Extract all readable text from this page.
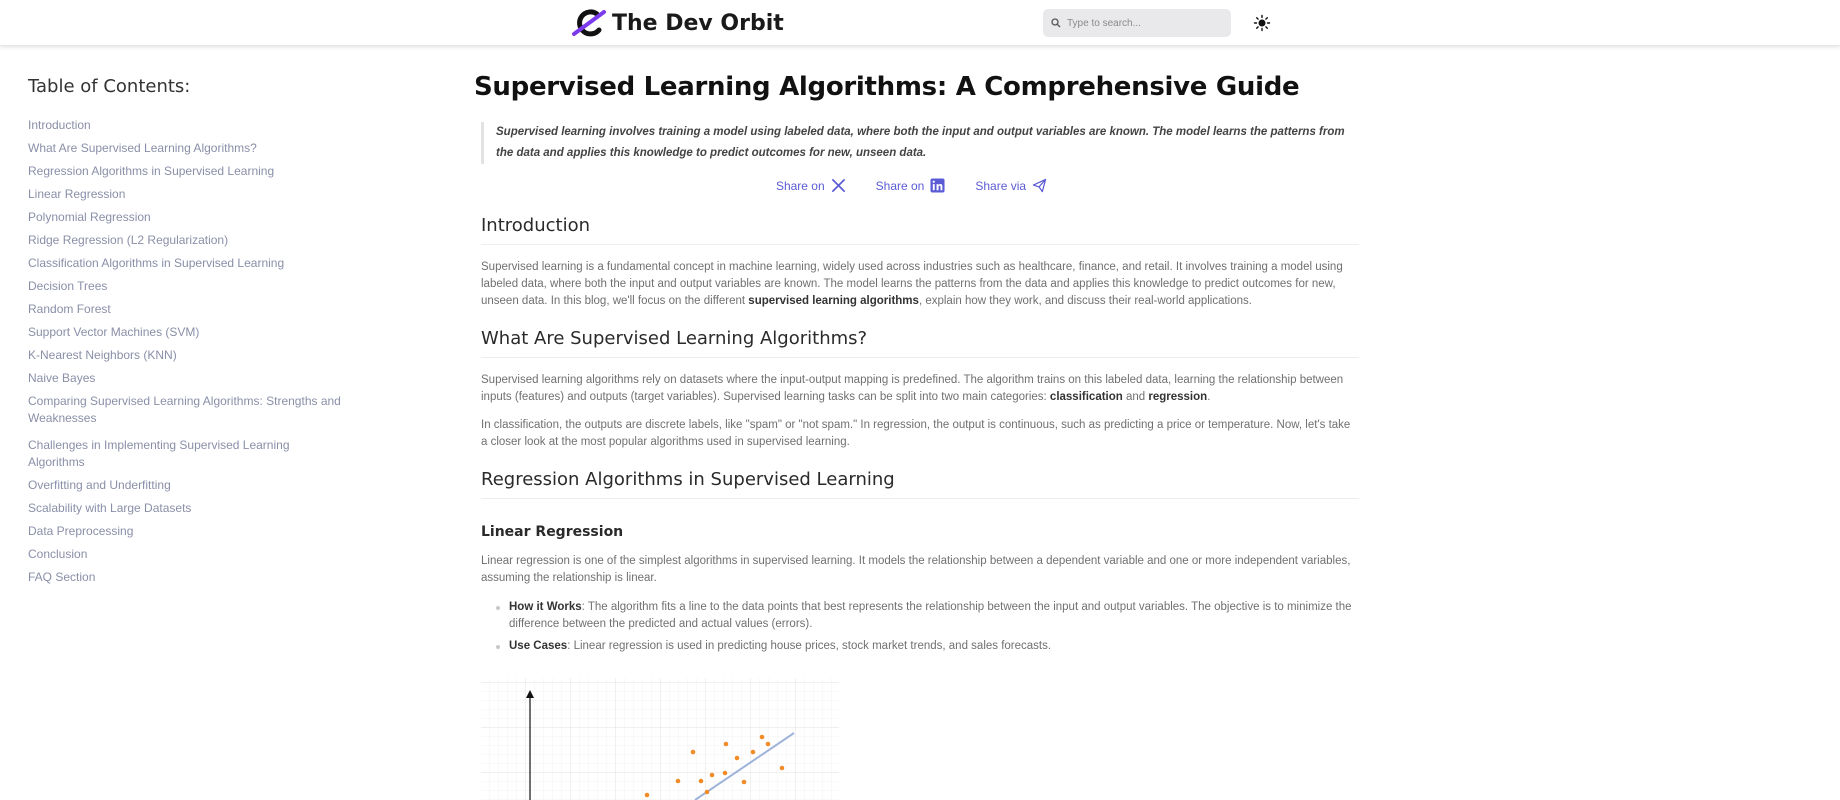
The Dev Orbit
Type to search...
Table of Contents:
Introduction
What Are Supervised Learning Algorithms?
Regression Algorithms in Supervised Learning
Linear Regression
Polynomial Regression
Ridge Regression (L2 Regularization)
Classification Algorithms in Supervised Learning
Decision Trees
Random Forest
Support Vector Machines (SVM)
K-Nearest Neighbors (KNN)
Naive Bayes
Comparing Supervised Learning Algorithms: Strengths and Weaknesses
Challenges in Implementing Supervised Learning Algorithms
Overfitting and Underfitting
Scalability with Large Datasets
Data Preprocessing
Conclusion
FAQ Section
Supervised Learning Algorithms: A Comprehensive Guide
Supervised learning involves training a model using labeled data, where both the input and output variables are known. The model learns the patterns from the data and applies this knowledge to predict outcomes for new, unseen data.
Share on	Share on	Share via
Introduction

Supervised learning is a fundamental concept in machine learning, widely used across industries such as healthcare, finance, and retail. It involves training a model using labeled data, where both the input and output variables are known. The model learns the patterns from the data and applies this knowledge to predict outcomes for new, unseen data. In this blog, we'll focus on the different supervised learning algorithms, explain how they work, and discuss their real-world applications.

What Are Supervised Learning Algorithms?

Supervised learning algorithms rely on datasets where the input-output mapping is predefined. The algorithm trains on this labeled data, learning the relationship between inputs (features) and outputs (target variables). Supervised learning tasks can be split into two main categories: classification and regression.

In classification, the outputs are discrete labels, like "spam" or "not spam." In regression, the output is continuous, such as predicting a price or temperature. Now, let's take a closer look at the most popular algorithms used in supervised learning.

Regression Algorithms in Supervised Learning
Linear Regression

Linear regression is one of the simplest algorithms in supervised learning. It models the relationship between a dependent variable and one or more independent variables, assuming the relationship is linear.

How it Works: The algorithm fits a line to the data points that best represents the relationship between the input and output variables. The objective is to minimize the difference between the predicted and actual values (errors).
Use Cases: Linear regression is used in predicting house prices, stock market trends, and sales forecasts.
